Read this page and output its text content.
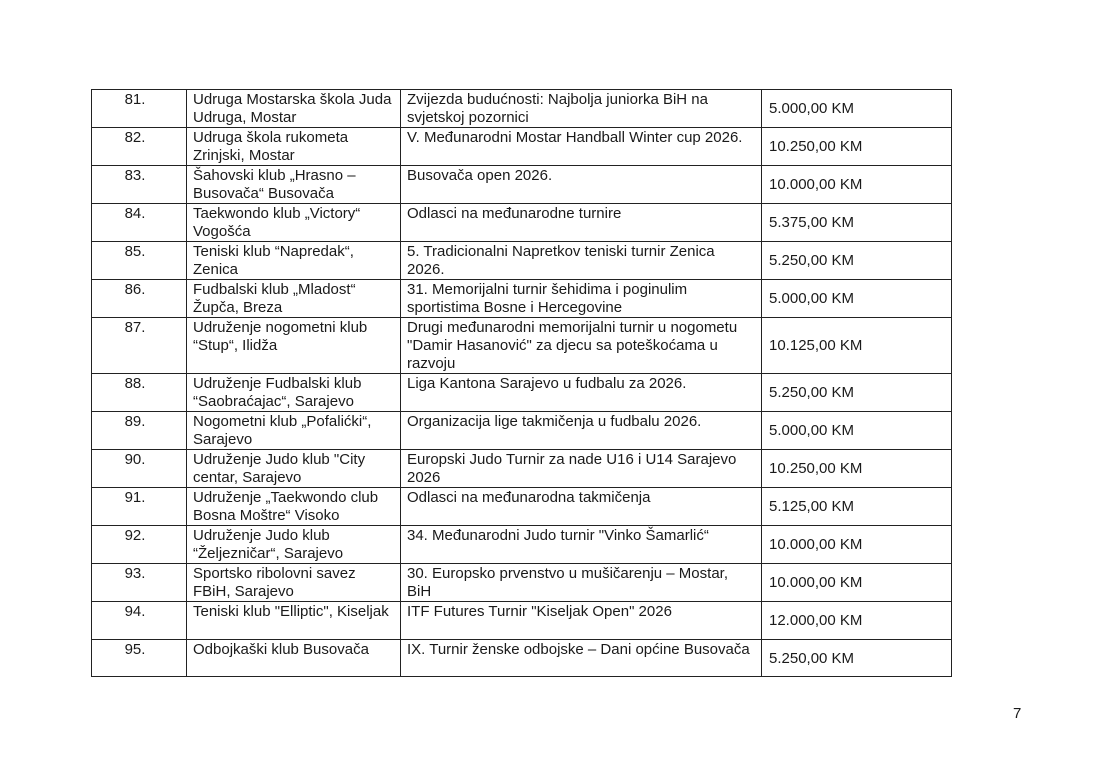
81.	Udruga Mostarska škola Juda Udruga, Mostar	Zvijezda budućnosti: Najbolja juniorka BiH na svjetskoj pozornici	5.000,00 KM
82.	Udruga škola rukometa Zrinjski, Mostar	V. Međunarodni Mostar Handball Winter cup 2026.	10.250,00 KM
83.	Šahovski klub „Hrasno – Busovača“ Busovača	Busovača open 2026.	10.000,00 KM
84.	Taekwondo klub „Victory“ Vogošća	Odlasci na međunarodne turnire	5.375,00 KM
85.	Teniski klub “Napredak“, Zenica	5. Tradicionalni Napretkov teniski turnir Zenica 2026.	5.250,00 KM
86.	Fudbalski klub „Mladost“ Župča, Breza	31. Memorijalni turnir šehidima i poginulim sportistima Bosne i Hercegovine	5.000,00 KM
87.	Udruženje nogometni klub “Stup“, Ilidža	Drugi međunarodni memorijalni turnir u nogometu "Damir Hasanović" za djecu sa poteškoćama u razvoju	10.125,00 KM
88.	Udruženje Fudbalski klub “Saobraćajac“, Sarajevo	Liga Kantona Sarajevo u fudbalu za 2026.	5.250,00 KM
89.	Nogometni klub „Pofalićki“, Sarajevo	Organizacija lige takmičenja u fudbalu 2026.	5.000,00 KM
90.	Udruženje Judo klub "City centar, Sarajevo	Europski Judo Turnir za nade U16 i U14 Sarajevo 2026	10.250,00 KM
91.	Udruženje „Taekwondo club Bosna Moštre“ Visoko	Odlasci na međunarodna takmičenja	5.125,00 KM
92.	Udruženje Judo klub “Željezničar“, Sarajevo	34. Međunarodni Judo turnir "Vinko Šamarlić“	10.000,00 KM
93.	Sportsko ribolovni savez FBiH, Sarajevo	30. Europsko prvenstvo u mušičarenju – Mostar, BiH	10.000,00 KM
94.	Teniski klub "Elliptic", Kiseljak	ITF Futures Turnir "Kiseljak Open" 2026	12.000,00 KM
95.	Odbojkaški klub Busovača	IX. Turnir ženske odbojske – Dani općine Busovača	5.250,00 KM
7
